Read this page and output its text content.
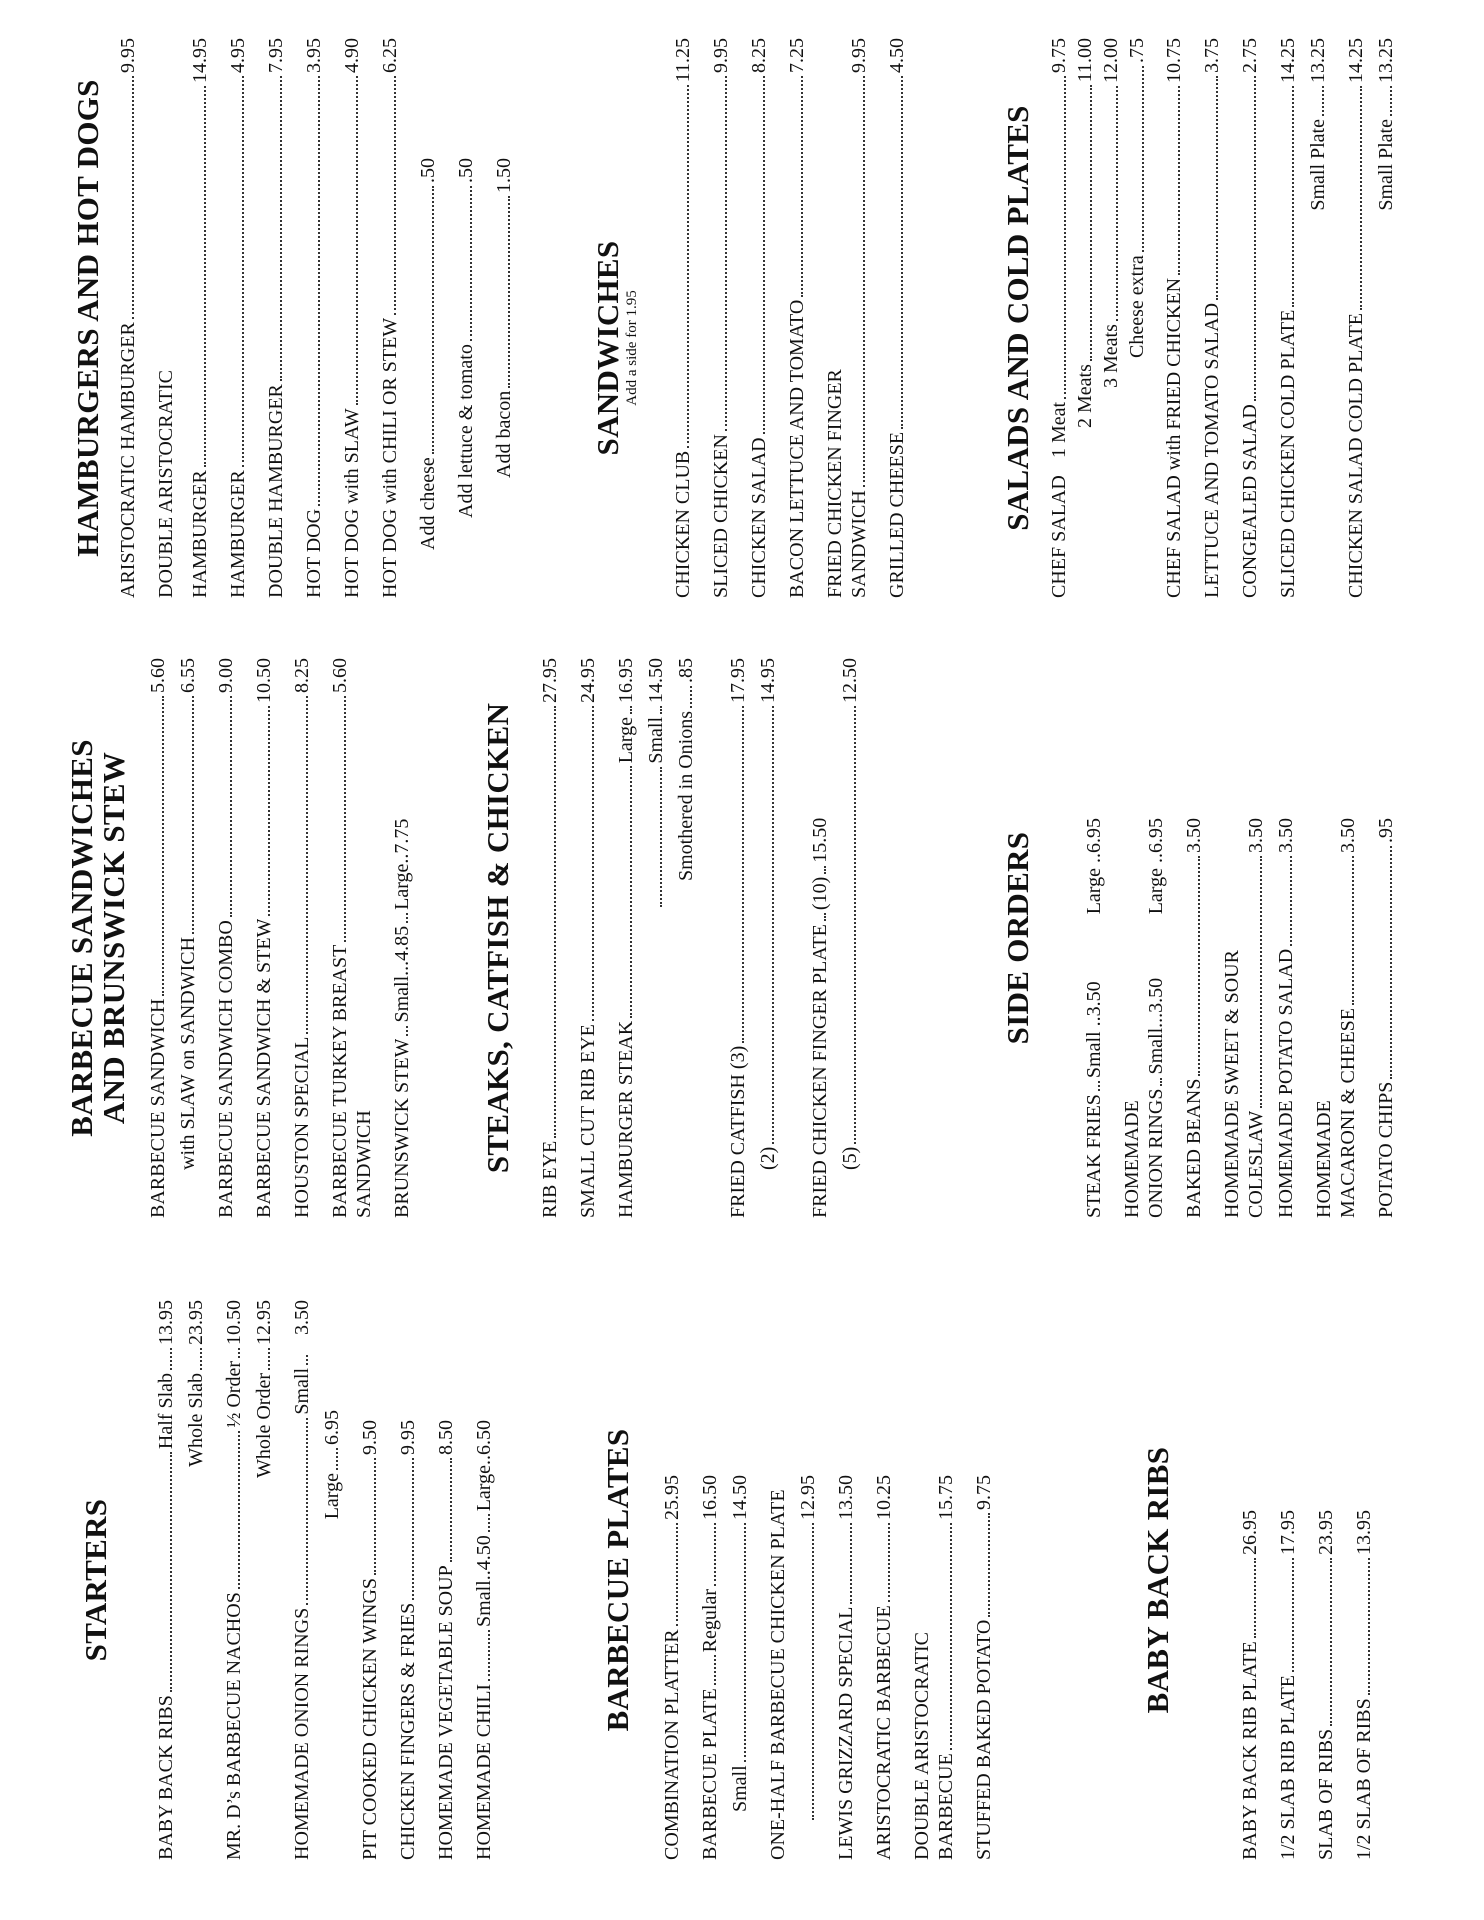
STARTERS
BABY BACK RIBS
Half Slab
13.95
Whole Slab
23.95
MR. D’s BARBECUE NACHOS
½ Order
10.50
Whole Order
12.95
HOMEMADE ONION RINGS
Small
3.50
Large
6.95
PIT COOKED CHICKEN WINGS
9.50
CHICKEN FINGERS & FRIES
9.95
HOMEMADE VEGETABLE SOUP
8.50
HOMEMADE CHILI
Small..4.50
Large..6.50	BARBECUE PLATES
COMBINATION PLATTER
25.95
BARBECUE PLATE
Regular
16.50
Small
14.50 ONE-HALF BARBECUE CHICKEN PLATE 12.95
LEWIS GRIZZARD SPECIAL
13.50
ARISTOCRATIC BARBECUE
10.25
DOUBLE ARISTOCRATIC BARBECUE
15.75
STUFFED BAKED POTATO
9.75	BABY BACK RIBS
BABY BACK RIB PLATE
26.95
1/2 SLAB RIB PLATE
17.95
SLAB OF RIBS
23.95
1/2 SLAB OF RIBS
13.95
BARBECUE SANDWICHES
AND BRUNSWICK STEW BARBECUE SANDWICH
5.60
with SLAW on SANDWICH
6.55
BARBECUE SANDWICH COMBO
9.00
BARBECUE SANDWICH & STEW
10.50
HOUSTON SPECIAL
8.25
BARBECUE TURKEY BREAST
5.60
SANDWICH BRUNSWICK STEW
Small...4.85
Large..7.75 STEAKS, CATFISH & CHICKEN
RIB EYE
27.95
SMALL CUT RIB EYE
24.95
HAMBURGER STEAK
Large
16.95
Small
14.50
Smothered in Onions
.85
FRIED CATFISH (3)
17.95
(2)
14.95
FRIED CHICKEN FINGER PLATE
(10)
15.50
(5)
12.50
SIDE ORDERS
STEAK FRIES
Small ..3.50
Large ..6.95
HOMEMADE ONION RINGS
Small...3.50
Large ..6.95
BAKED BEANS
3.50
HOMEMADE SWEET & SOUR COLESLAW
3.50
HOMEMADE POTATO SALAD
3.50
HOMEMADE MACARONI & CHEESE
3.50
POTATO CHIPS
.95
HAMBURGERS AND HOT DOGS ARISTOCRATIC HAMBURGER
9.95
DOUBLE ARISTOCRATIC HAMBURGER
14.95
HAMBURGER
4.95
DOUBLE HAMBURGER
7.95
HOT DOG
3.95
HOT DOG with SLAW
4.90
HOT DOG with CHILI OR STEW
6.25
Add cheese
.50
Add lettuce & tomato
.50
Add bacon
1.50
SANDWICHES Add a side for 1.95
CHICKEN CLUB
11.25
SLICED CHICKEN
9.95
CHICKEN SALAD
8.25
BACON LETTUCE AND TOMATO
7.25
FRIED CHICKEN FINGER SANDWICH
9.95
GRILLED CHEESE
4.50
SALADS AND COLD PLATES
CHEF SALAD
1 Meat
9.75
2 Meats
11.00
3 Meats
12.00
Cheese extra
.75
CHEF SALAD with FRIED CHICKEN
10.75
LETTUCE AND TOMATO SALAD
3.75
CONGEALED SALAD
2.75
SLICED CHICKEN COLD PLATE
14.25
Small Plate
13.25
CHICKEN SALAD COLD PLATE
14.25
Small Plate
13.25
